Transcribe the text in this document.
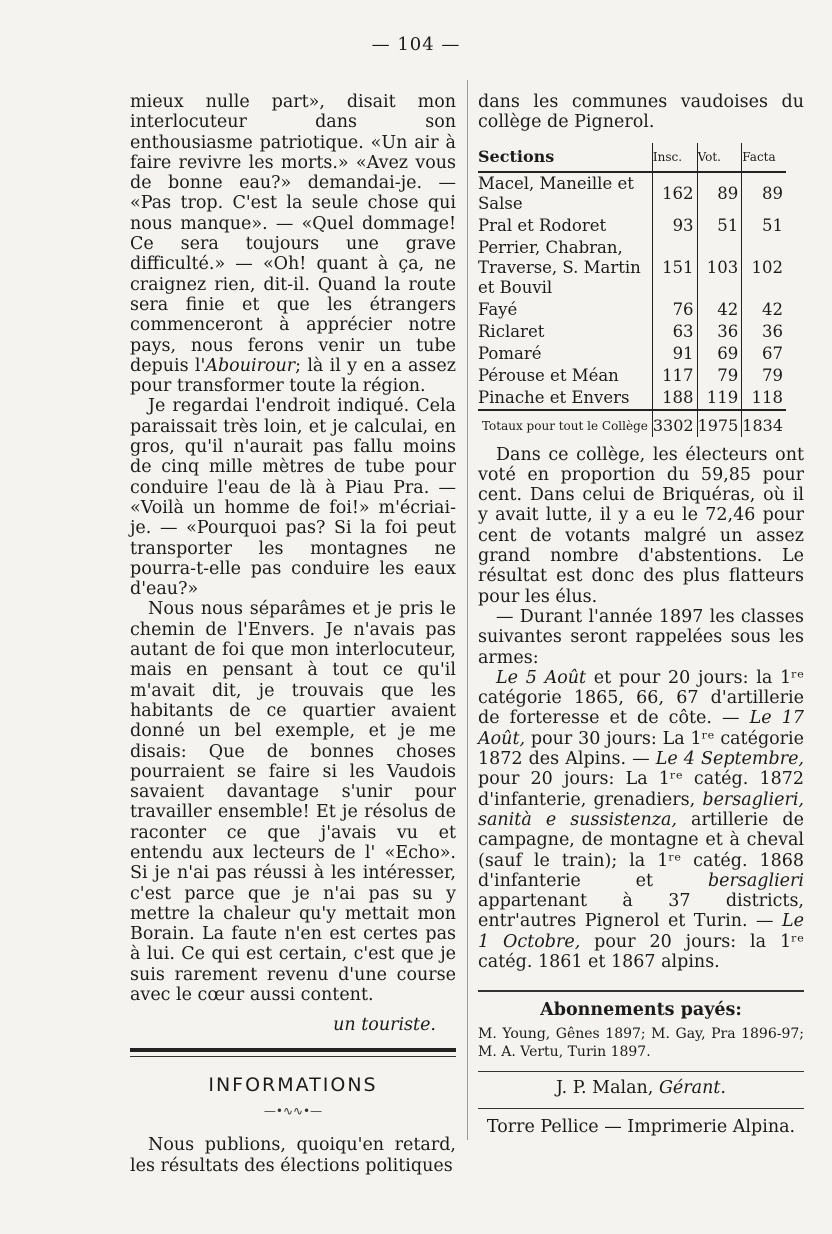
— 104 —

mieux nulle part», disait mon interlocuteur dans son enthousiasme patriotique. «Un air à faire revivre les morts.» «Avez vous de bonne eau?» demandai-je. — «Pas trop. C'est la seule chose qui nous manque». — «Quel dommage! Ce sera toujours une grave difficulté.» — «Oh! quant à ça, ne craignez rien, dit-il. Quand la route sera finie et que les étrangers commenceront à apprécier notre pays, nous ferons venir un tube depuis l'Abouirour; là il y en a assez pour transformer toute la région.

Je regardai l'endroit indiqué. Cela paraissait très loin, et je calculai, en gros, qu'il n'aurait pas fallu moins de cinq mille mètres de tube pour conduire l'eau de là à Piau Pra. — «Voilà un homme de foi!» m'écriai-je. — «Pourquoi pas? Si la foi peut transporter les montagnes ne pourra-t-elle pas conduire les eaux d'eau?»

Nous nous séparâmes et je pris le chemin de l'Envers. Je n'avais pas autant de foi que mon interlocuteur, mais en pensant à tout ce qu'il m'avait dit, je trouvais que les habitants de ce quartier avaient donné un bel exemple, et je me disais: Que de bonnes choses pourraient se faire si les Vaudois savaient davantage s'unir pour travailler ensemble! Et je résolus de raconter ce que j'avais vu et entendu aux lecteurs de l' «Echo». Si je n'ai pas réussi à les intéresser, c'est parce que je n'ai pas su y mettre la chaleur qu'y mettait mon Borain. La faute n'en est certes pas à lui. Ce qui est certain, c'est que je suis rarement revenu d'une course avec le cœur aussi content.

un touriste.

INFORMATIONS

—•∿∿•—

Nous publions, quoiqu'en retard, les résultats des élections politiques

dans les communes vaudoises du collège de Pignerol.

Sections	Insc.	Vot.	Facta
Macel, Maneille et Salse	162	89	89
Pral et Rodoret	93	51	51
Perrier, Chabran, Traverse, S. Martin et Bouvil	151	103	102
Fayé	76	42	42
Riclaret	63	36	36
Pomaré	91	69	67
Pérouse et Méan	117	79	79
Pinache et Envers	188	119	118
Totaux pour tout le Collège	3302	1975	1834

Dans ce collège, les électeurs ont voté en proportion du 59,85 pour cent. Dans celui de Briquéras, où il y avait lutte, il y a eu le 72,46 pour cent de votants malgré un assez grand nombre d'abstentions. Le résultat est donc des plus flatteurs pour les élus.

— Durant l'année 1897 les classes suivantes seront rappelées sous les armes:

Le 5 Août et pour 20 jours: la 1ʳᵉ catégorie 1865, 66, 67 d'artillerie de forteresse et de côte. — Le 17 Août, pour 30 jours: La 1ʳᵉ catégorie 1872 des Alpins. — Le 4 Septembre, pour 20 jours: La 1ʳᵉ catég. 1872 d'infanterie, grenadiers, bersaglieri, sanità e sussistenza, artillerie de campagne, de montagne et à cheval (sauf le train); la 1ʳᵉ catég. 1868 d'infanterie et bersaglieri appartenant à 37 districts, entr'autres Pignerol et Turin. — Le 1 Octobre, pour 20 jours: la 1ʳᵉ catég. 1861 et 1867 alpins.

Abonnements payés:

M. Young, Gênes 1897; M. Gay, Pra 1896-97; M. A. Vertu, Turin 1897.

J. P. Malan, Gérant.

Torre Pellice — Imprimerie Alpina.
